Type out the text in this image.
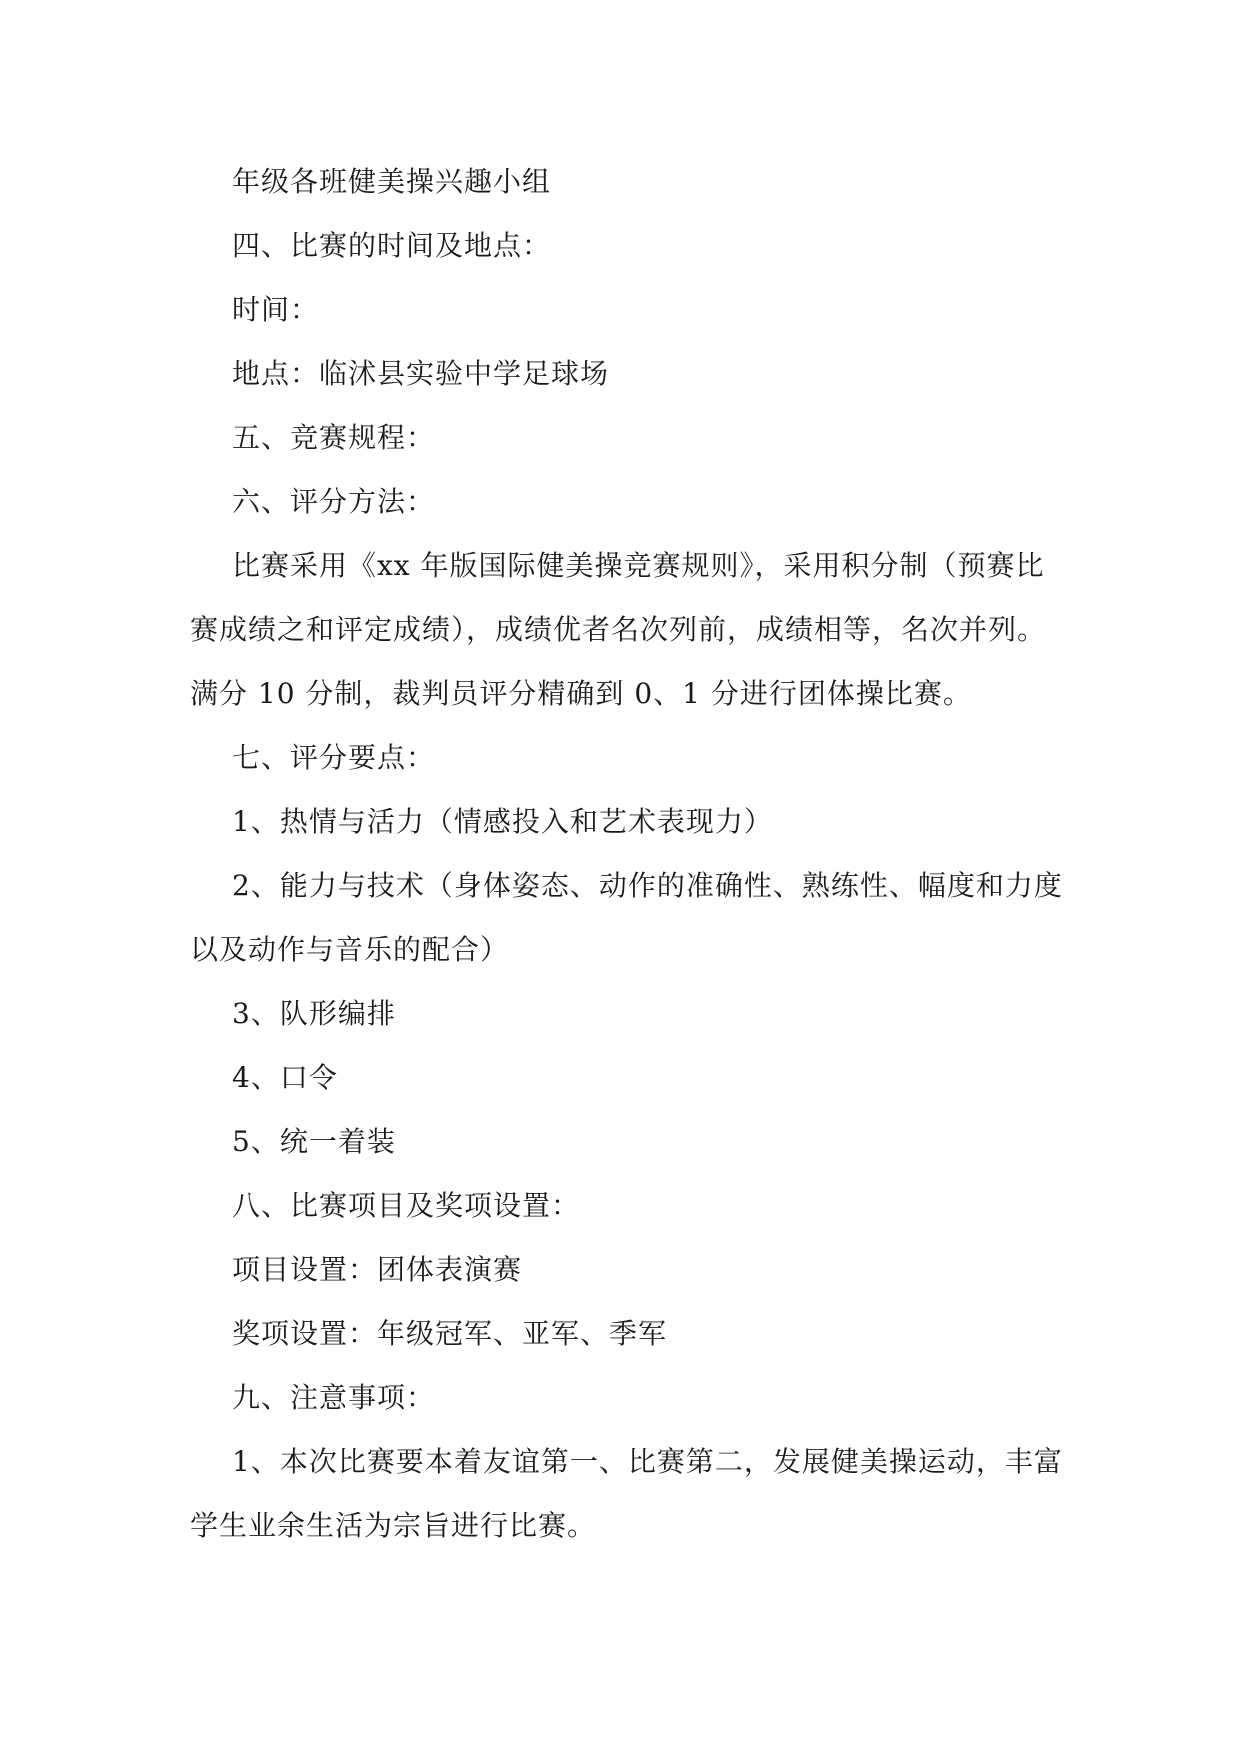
年级各班健美操兴趣小组
四、比赛的时间及地点：
时间：
地点：临沭县实验中学足球场
五、竞赛规程：
六、评分方法：
比赛采用《xx 年版国际健美操竞赛规则》，采用积分制（预赛比
赛成绩之和评定成绩），成绩优者名次列前，成绩相等，名次并列。
满分 10 分制，裁判员评分精确到 0、1 分进行团体操比赛。
七、评分要点：
1、热情与活力（情感投入和艺术表现力）
2、能力与技术（身体姿态、动作的准确性、熟练性、幅度和力度
以及动作与音乐的配合）
3、队形编排
4、口令
5、统一着装
八、比赛项目及奖项设置：
项目设置：团体表演赛
奖项设置：年级冠军、亚军、季军
九、注意事项：
1、本次比赛要本着友谊第一、比赛第二，发展健美操运动，丰富
学生业余生活为宗旨进行比赛。
